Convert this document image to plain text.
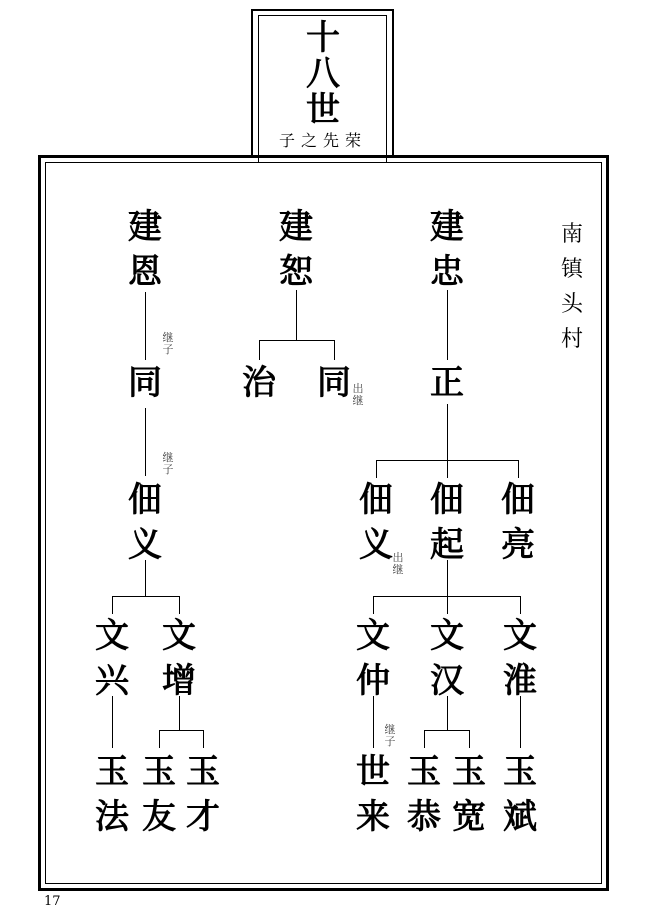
十
八
世
子之先荣
南
镇
头
村
建
恩
建
恕
建
忠
同 治 同 正
佃
义
佃
义
佃
起
佃
亮
文
兴
文
增
文
仲
文
汉
文
淮
玉
法
玉
友
玉
才
世
来
玉
恭
玉
宽
玉
斌
继
子
继
子
出
继
出
继
继
子
17
